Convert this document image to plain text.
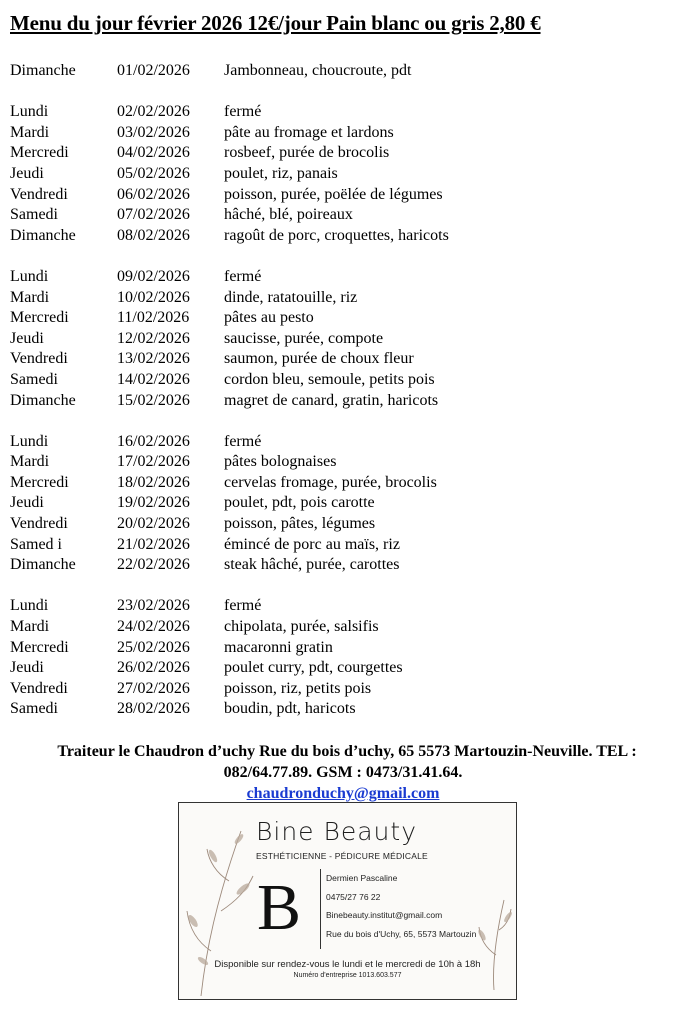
Menu du jour février 2026 12€/jour Pain blanc ou gris 2,80 €
Dimanche	01/02/2026 Jambonneau, choucroute, pdt
Lundi	02/02/2026 fermé
Mardi	03/02/2026 pâte au fromage et lardons
Mercredi	04/02/2026 rosbeef, purée de brocolis
Jeudi	05/02/2026 poulet, riz, panais
Vendredi	06/02/2026 poisson, purée, poëlée de légumes
Samedi	07/02/2026 hâché, blé, poireaux
Dimanche	08/02/2026 ragoût de porc, croquettes, haricots
Lundi	09/02/2026 fermé
Mardi	10/02/2026 dinde, ratatouille, riz
Mercredi	11/02/2026 pâtes au pesto
Jeudi	12/02/2026 saucisse, purée, compote
Vendredi	13/02/2026 saumon, purée de choux fleur
Samedi	14/02/2026 cordon bleu, semoule, petits pois
Dimanche	15/02/2026 magret de canard, gratin, haricots
Lundi	16/02/2026 fermé
Mardi	17/02/2026 pâtes bolognaises
Mercredi	18/02/2026 cervelas fromage, purée, brocolis
Jeudi	19/02/2026 poulet, pdt, pois carotte
Vendredi	20/02/2026 poisson, pâtes, légumes
Samed i	21/02/2026 émincé de porc au maïs, riz
Dimanche	22/02/2026 steak hâché, purée, carottes
Lundi	23/02/2026 fermé
Mardi	24/02/2026 chipolata, purée, salsifis
Mercredi	25/02/2026 macaronni gratin
Jeudi	26/02/2026 poulet curry, pdt, courgettes
Vendredi	27/02/2026 poisson, riz, petits pois
Samedi	28/02/2026 boudin, pdt, haricots
Traiteur le Chaudron d’uchy Rue du bois d’uchy, 65 5573 Martouzin-Neuville. TEL :
082/64.77.89. GSM : 0473/31.41.64.
chaudronduchy@gmail.com
Bine Beauty
ESTHÉTICIENNE - PÉDICURE MÉDICALE
B	Dermien Pascaline
0475/27 76 22
Binebeauty.institut@gmail.com
Rue du bois d'Uchy, 65, 5573 Martouzin
Disponible sur rendez-vous le lundi et le mercredi de 10h à 18h
Numéro d'entreprise 1013.603.577
